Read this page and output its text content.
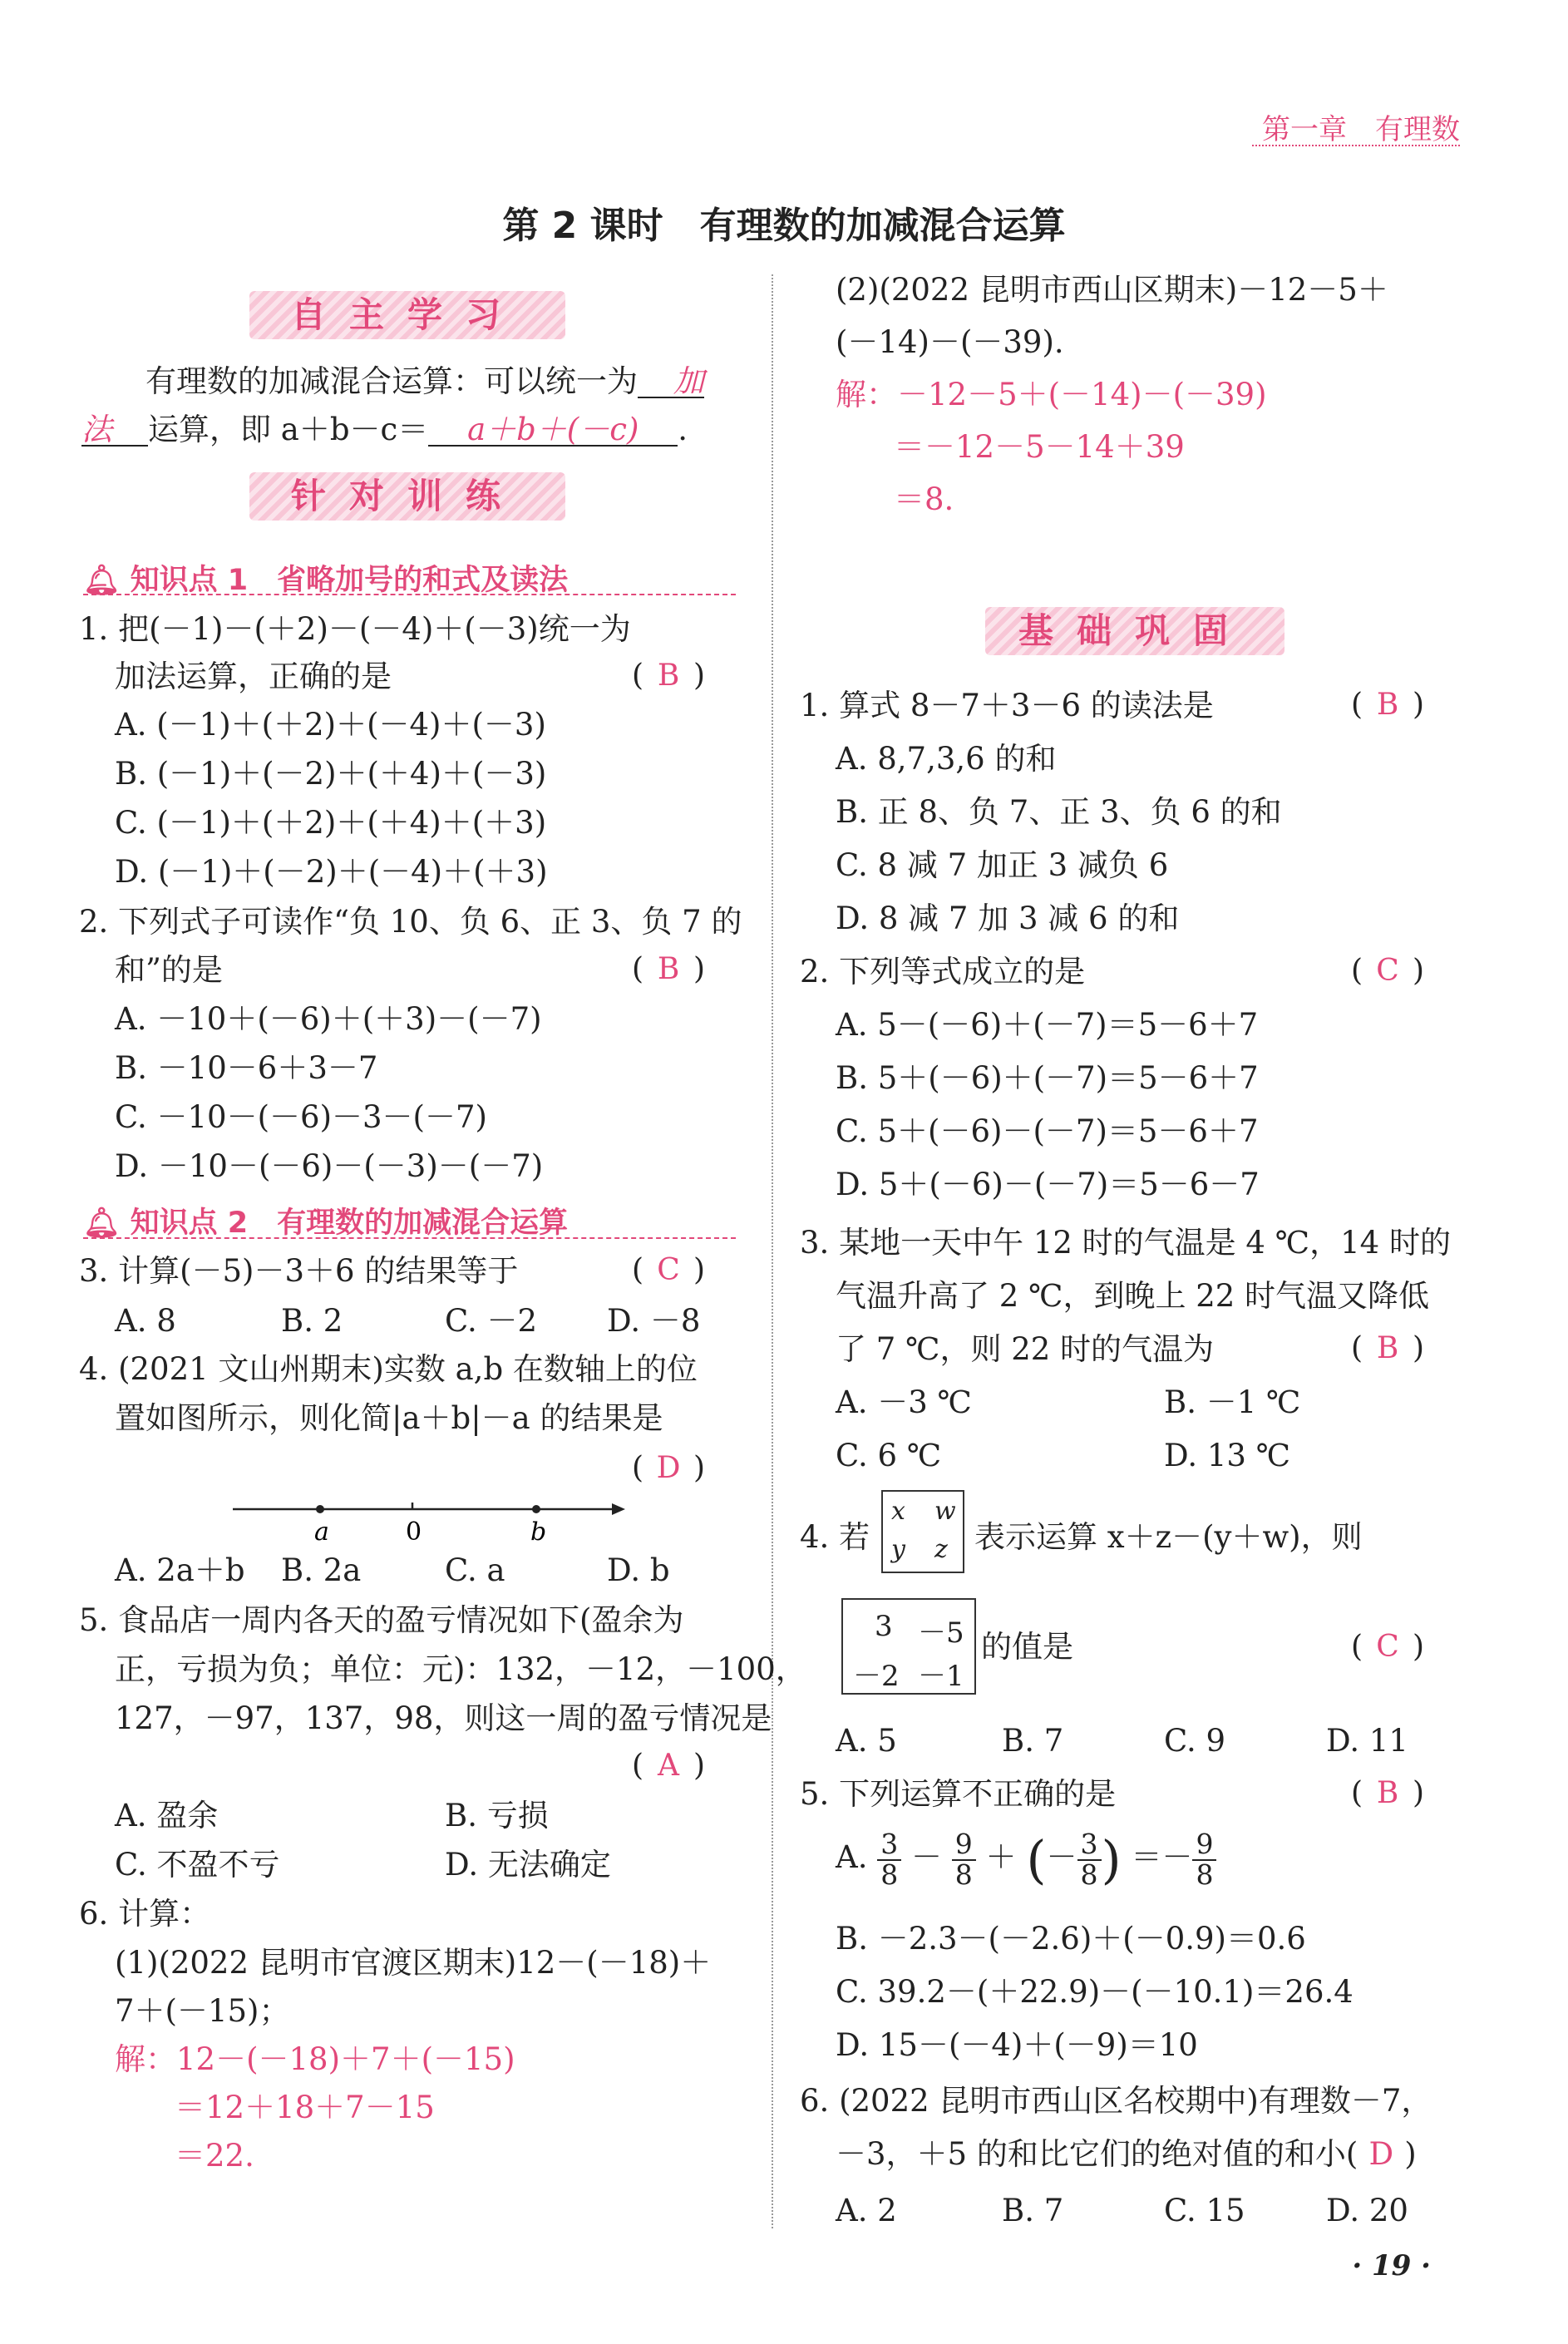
第一章　有理数
第 2 课时　有理数的加减混合运算
自主学习
有理数的加减混合运算：可以统一为 加
法 运算，即 a＋b－c＝ a＋b＋(－c) .
针对训练
🔔︎ 知识点 1　省略加号的和式及读法
1. 把(－1)－(＋2)－(－4)＋(－3)统一为
加法运算，正确的是	( B )
A. (－1)＋(＋2)＋(－4)＋(－3)
B. (－1)＋(－2)＋(＋4)＋(－3)
C. (－1)＋(＋2)＋(＋4)＋(＋3)
D. (－1)＋(－2)＋(－4)＋(＋3)
2. 下列式子可读作“负 10、负 6、正 3、负 7 的
和”的是	( B )
A. －10＋(－6)＋(＋3)－(－7)
B. －10－6＋3－7
C. －10－(－6)－3－(－7)
D. －10－(－6)－(－3)－(－7)
🔔︎ 知识点 2　有理数的加减混合运算
3. 计算(－5)－3＋6 的结果等于	( C )
A. 8	B. 2	C. －2 D. －8
4. (2021 文山州期末)实数 a,b 在数轴上的位
置如图所示，则化简|a＋b|－a 的结果是
( D )
a	0	b
A. 2a＋b B. 2a	C. a	D. b
5. 食品店一周内各天的盈亏情况如下(盈余为
正，亏损为负；单位：元)：132，－12，－100，
127，－97，137，98，则这一周的盈亏情况是
( A )
A. 盈余	B. 亏损
C. 不盈不亏	D. 无法确定
6. 计算：
(1)(2022 昆明市官渡区期末)12－(－18)＋
7＋(－15)；
解：12－(－18)＋7＋(－15)
＝12＋18＋7－15
＝22.
(2)(2022 昆明市西山区期末)－12－5＋
(－14)－(－39).
解：－12－5＋(－14)－(－39)
＝－12－5－14＋39
＝8.
基础巩固
1. 算式 8－7＋3－6 的读法是	( B )
A. 8,7,3,6 的和
B. 正 8、负 7、正 3、负 6 的和
C. 8 减 7 加正 3 减负 6
D. 8 减 7 加 3 减 6 的和
2. 下列等式成立的是	( C )
A. 5－(－6)＋(－7)＝5－6＋7
B. 5＋(－6)＋(－7)＝5－6＋7
C. 5＋(－6)－(－7)＝5－6＋7
D. 5＋(－6)－(－7)＝5－6－7
3. 某地一天中午 12 时的气温是 4 ℃，14 时的
气温升高了 2 ℃，到晚上 22 时气温又降低
了 7 ℃，则 22 时的气温为	( B )
A. －3 ℃	B. －1 ℃
C. 6 ℃	D. 13 ℃
4. 若
x w
y z 表示运算 x＋z－(y＋w)，则
3 －5
－2 －1
的值是	( C )
A. 5	B. 7	C. 9	D. 11
5. 下列运算不正确的是	( B )
A. $\frac{3}{8} - \frac{9}{8}$ ＋ (－ $\frac{3}{8}$ ) ＝－ $\frac{9}{8}$
B. －2.3－(－2.6)＋(－0.9)＝0.6
C. 39.2－(＋22.9)－(－10.1)＝26.4
D. 15－(－4)＋(－9)＝10
6. (2022 昆明市西山区名校期中)有理数－7，
－3，＋5 的和比它们的绝对值的和小( D )
A. 2	B. 7	C. 15	D. 20
· 19 ·
